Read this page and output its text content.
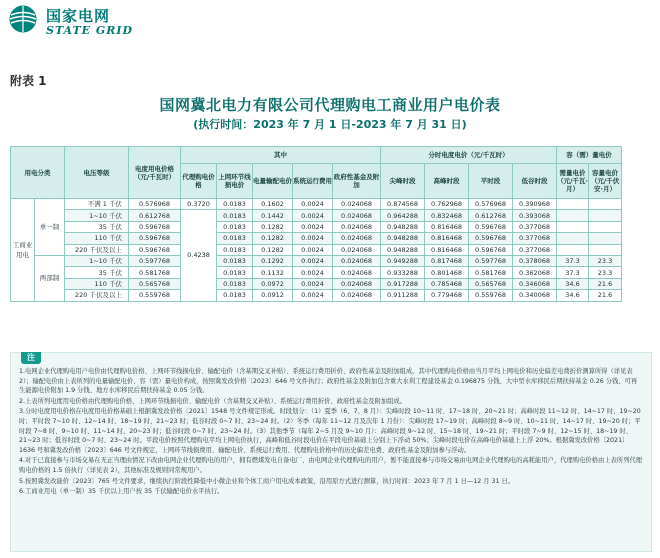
国家电网
STATE GRID
附表 1
国网冀北电力有限公司代理购电工商业用户电价表
(执行时间：2023 年 7 月 1 日-2023 年 7 月 31 日)
用电分类		电压等级	电度用电价格（元/千瓦时）	其中					分时电度电价（元/千瓦时）				容（需）量电价	
				代理购电价格	上网环节线损电价	电量输配电价	系统运行费用	政府性基金及附加	尖峰时段	高峰时段	平时段	低谷时段	需量电价（元/千瓦·月）	容量电价（元/千伏安·月）
工商业用电	单一制	不满 1 千伏	0.576968	0.3720	0.0183	0.1602	0.0024	0.024068	0.874568	0.762968	0.576968	0.390968		
		1~10 千伏	0.612768	0.4238	0.0183	0.1442	0.0024	0.024068	0.964288	0.832468	0.612768	0.393068		
		35 千伏	0.596768		0.0183	0.1282	0.0024	0.024068	0.948288	0.816468	0.596768	0.377068		
		110 千伏	0.596768		0.0183	0.1282	0.0024	0.024068	0.948288	0.816468	0.596768	0.377068		
		220 千伏及以上	0.596768		0.0183	0.1282	0.0024	0.024068	0.948288	0.816468	0.596768	0.377068		
	两部制	1~10 千伏	0.597768		0.0183	0.1292	0.0024	0.024068	0.949288	0.817468	0.597768	0.378068	37.3	23.3
		35 千伏	0.581768		0.0183	0.1132	0.0024	0.024068	0.933288	0.801468	0.581768	0.362068	37.3	23.3
		110 千伏	0.565768		0.0183	0.0972	0.0024	0.024068	0.917288	0.785468	0.565768	0.346068	34.6	21.6
		220 千伏及以上	0.559768		0.0183	0.0912	0.0024	0.024068	0.911288	0.779468	0.559768	0.340068	34.6	21.6
注

1.电网企业代理购电用户电价由代理购电价格、上网环节线损电价、输配电价（含基期交叉补贴）、系统运行费用折价、政府性基金及附加组成。其中代理购电价格由当月平均上网电价和历史偏差电费折价测算所得（详见表 2）；输配电价由上表所列的电量输配电价、容（需）量电价构成，按照冀发改价格〔2023〕646 号文件执行；政府性基金及附加包含重大水利工程建设基金 0.196875 分钱、大中型水库移民后期扶持基金 0.26 分钱、可再生能源电价附加 1.9 分钱、地方水库移民后期扶持基金 0.05 分钱。

2.上表所列电度用电价格由代理购电价格、上网环节线损电价、输配电价（含基期交叉补贴）、系统运行费用折价、政府性基金及附加组成。

3.分时电度用电价格在电度用电价格基础上根据冀发改价格〔2021〕1548 号文件规定形成。时段划分：（1）夏季（6、7、8 月）：尖峰时段 10~11 时、17~18 时、20~21 时；高峰时段 11~12 时、14~17 时、19~20 时；平时段 7~10 时、12~14 时、18~19 时、21~23 时；低谷时段 0~7 时、23~24 时。（2）冬季（每年 11~12 月及次年 1 月份）：尖峰时段 17~19 时；高峰时段 8~9 时、10~11 时、14~17 时、19~20 时；平时段 7~8 时、9~10 时、11~14 时、20~23 时；低谷时段 0~7 时、23~24 时。（3）其他季节（每年 2~5 月及 9~10 月）：高峰时段 9~12 时、15~18 时、19~21 时；平时段 7~9 时、12~15 时、18~19 时、21~23 时；低谷时段 0~7 时、23~24 时。平段电价按照代理购电平均上网电价执行，高峰和低谷时段电价在平段电价基础上分别上下浮动 50%；尖峰时段电价在高峰电价基础上上浮 20%。根据冀发改价格〔2021〕1636 号和冀发改价格〔2023〕646 号文件规定，上网环节线损费用、输配电价、系统运行费用、代理购电价格中的历史偏差电费、政府性基金及附加参与浮动。

4.对于已直接参与市场交易在无正当理由情况下改由电网企业代理购电的用户，拥有燃煤发电自备电厂、由电网企业代理购电的用户，暂不能直接参与市场交易由电网企业代理购电的高耗能用户，代理购电价格由上表所列代理购电价格的 1.5 倍执行（详见表 2），其他标准及规则同常规用户。

5.按照冀发改能价〔2023〕765 号文件要求，继续执行阶段性降低中小微企业和个体工商户用电成本政策，沿用原方式进行测算，执行时间：2023 年 7 月 1 日—12 月 31 日。

6.工商业用电（单一制）35 千伏以上用户按 35 千伏输配电价水平执行。
